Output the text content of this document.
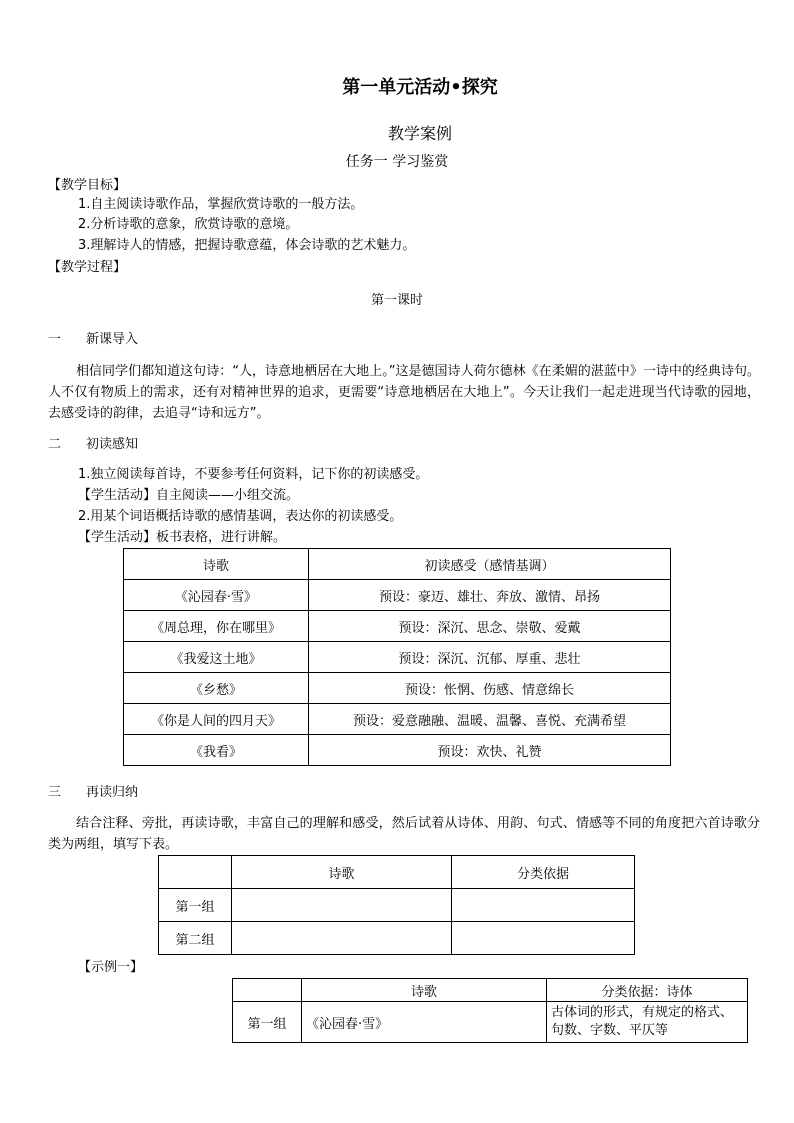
第一单元活动•探究
教学案例
任务一 学习鉴赏
【教学目标】
1.自主阅读诗歌作品，掌握欣赏诗歌的一般方法。
2.分析诗歌的意象，欣赏诗歌的意境。
3.理解诗人的情感，把握诗歌意蕴，体会诗歌的艺术魅力。
【教学过程】
第一课时
一 新课导入
相信同学们都知道这句诗：“人，诗意地栖居在大地上。”这是德国诗人荷尔德林《在柔媚的湛蓝中》一诗中的经典诗句。人不仅有物质上的需求，还有对精神世界的追求，更需要“诗意地栖居在大地上”。今天让我们一起走进现当代诗歌的园地，去感受诗的韵律，去追寻“诗和远方”。
二 初读感知
1.独立阅读每首诗，不要参考任何资料，记下你的初读感受。
【学生活动】自主阅读——小组交流。
2.用某个词语概括诗歌的感情基调，表达你的初读感受。
【学生活动】板书表格，进行讲解。
诗歌	初读感受（感情基调）
《沁园春·雪》	预设：豪迈、雄壮、奔放、激情、昂扬
《周总理，你在哪里》	预设：深沉、思念、崇敬、爱戴
《我爱这土地》	预设：深沉、沉郁、厚重、悲壮
《乡愁》	预设：怅惘、伤感、情意绵长
《你是人间的四月天》	预设：爱意融融、温暖、温馨、喜悦、充满希望
《我看》	预设：欢快、礼赞
三 再读归纳
结合注释、旁批，再读诗歌，丰富自己的理解和感受，然后试着从诗体、用韵、句式、情感等不同的角度把六首诗歌分类为两组，填写下表。
	诗歌	分类依据
第一组		
第二组		
【示例一】
	诗歌	分类依据：诗体
第一组	《沁园春·雪》	古体词的形式，有规定的格式、句数、字数、平仄等
